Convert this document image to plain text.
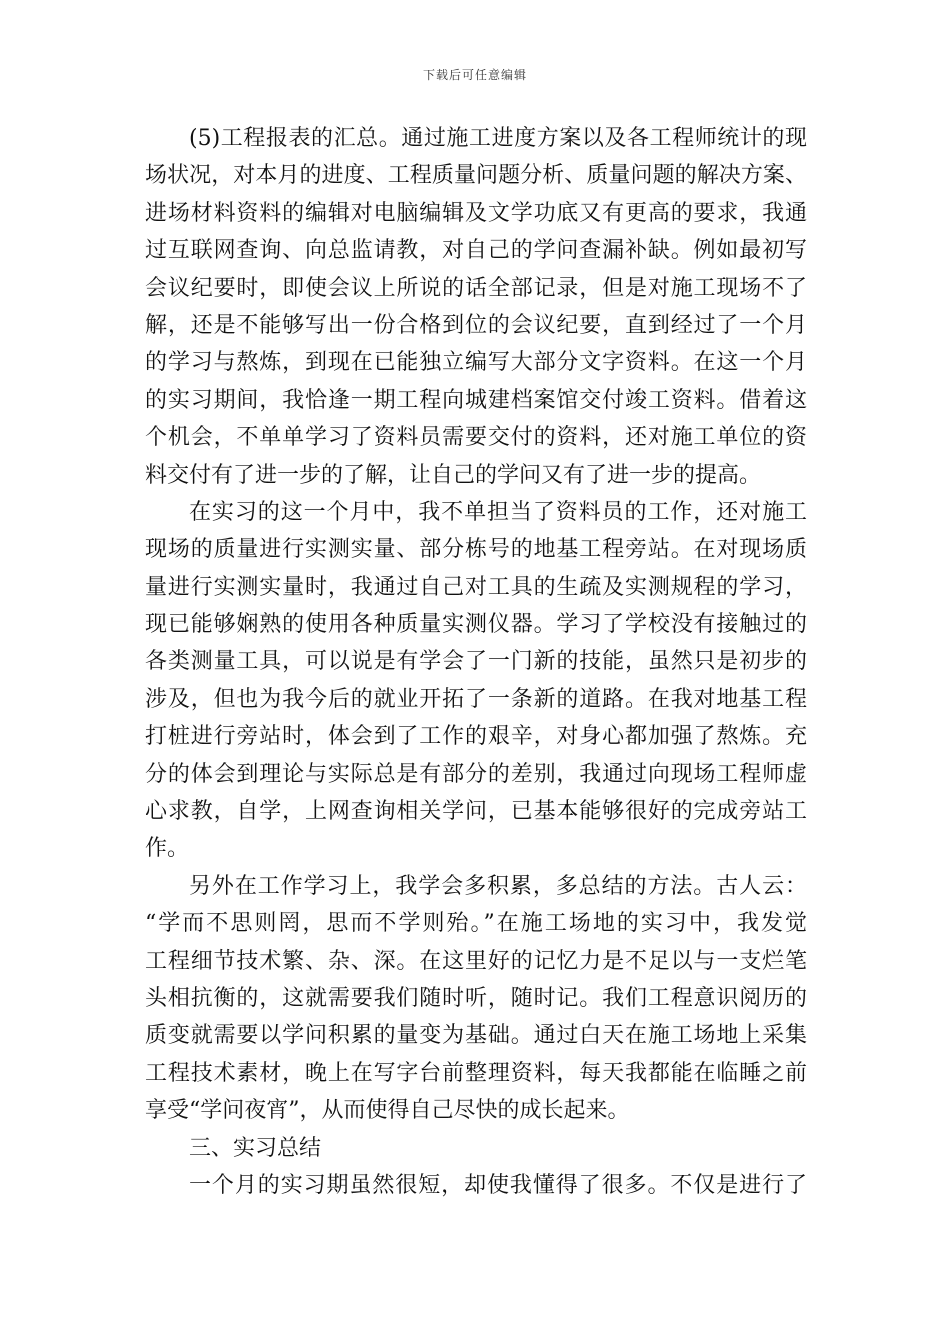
下载后可任意编辑
(5)工程报表的汇总。通过施工进度方案以及各工程师统计的现
场状况，对本月的进度、工程质量问题分析、质量问题的解决方案、
进场材料资料的编辑对电脑编辑及文学功底又有更高的要求，我通
过互联网查询、向总监请教，对自己的学问查漏补缺。例如最初写
会议纪要时，即使会议上所说的话全部记录，但是对施工现场不了
解，还是不能够写出一份合格到位的会议纪要，直到经过了一个月
的学习与熬炼，到现在已能独立编写大部分文字资料。在这一个月
的实习期间，我恰逢一期工程向城建档案馆交付竣工资料。借着这
个机会，不单单学习了资料员需要交付的资料，还对施工单位的资
料交付有了进一步的了解，让自己的学问又有了进一步的提高。
在实习的这一个月中，我不单担当了资料员的工作，还对施工
现场的质量进行实测实量、部分栋号的地基工程旁站。在对现场质
量进行实测实量时，我通过自己对工具的生疏及实测规程的学习，
现已能够娴熟的使用各种质量实测仪器。学习了学校没有接触过的
各类测量工具，可以说是有学会了一门新的技能，虽然只是初步的
涉及，但也为我今后的就业开拓了一条新的道路。在我对地基工程
打桩进行旁站时，体会到了工作的艰辛，对身心都加强了熬炼。充
分的体会到理论与实际总是有部分的差别，我通过向现场工程师虚
心求教，自学，上网查询相关学问，已基本能够很好的完成旁站工
作。
另外在工作学习上，我学会多积累，多总结的方法。古人云：
“学而不思则罔，思而不学则殆。”在施工场地的实习中，我发觉
工程细节技术繁、杂、深。在这里好的记忆力是不足以与一支烂笔
头相抗衡的，这就需要我们随时听，随时记。我们工程意识阅历的
质变就需要以学问积累的量变为基础。通过白天在施工场地上采集
工程技术素材，晚上在写字台前整理资料，每天我都能在临睡之前
享受“学问夜宵”，从而使得自己尽快的成长起来。
三、实习总结
一个月的实习期虽然很短，却使我懂得了很多。不仅是进行了
